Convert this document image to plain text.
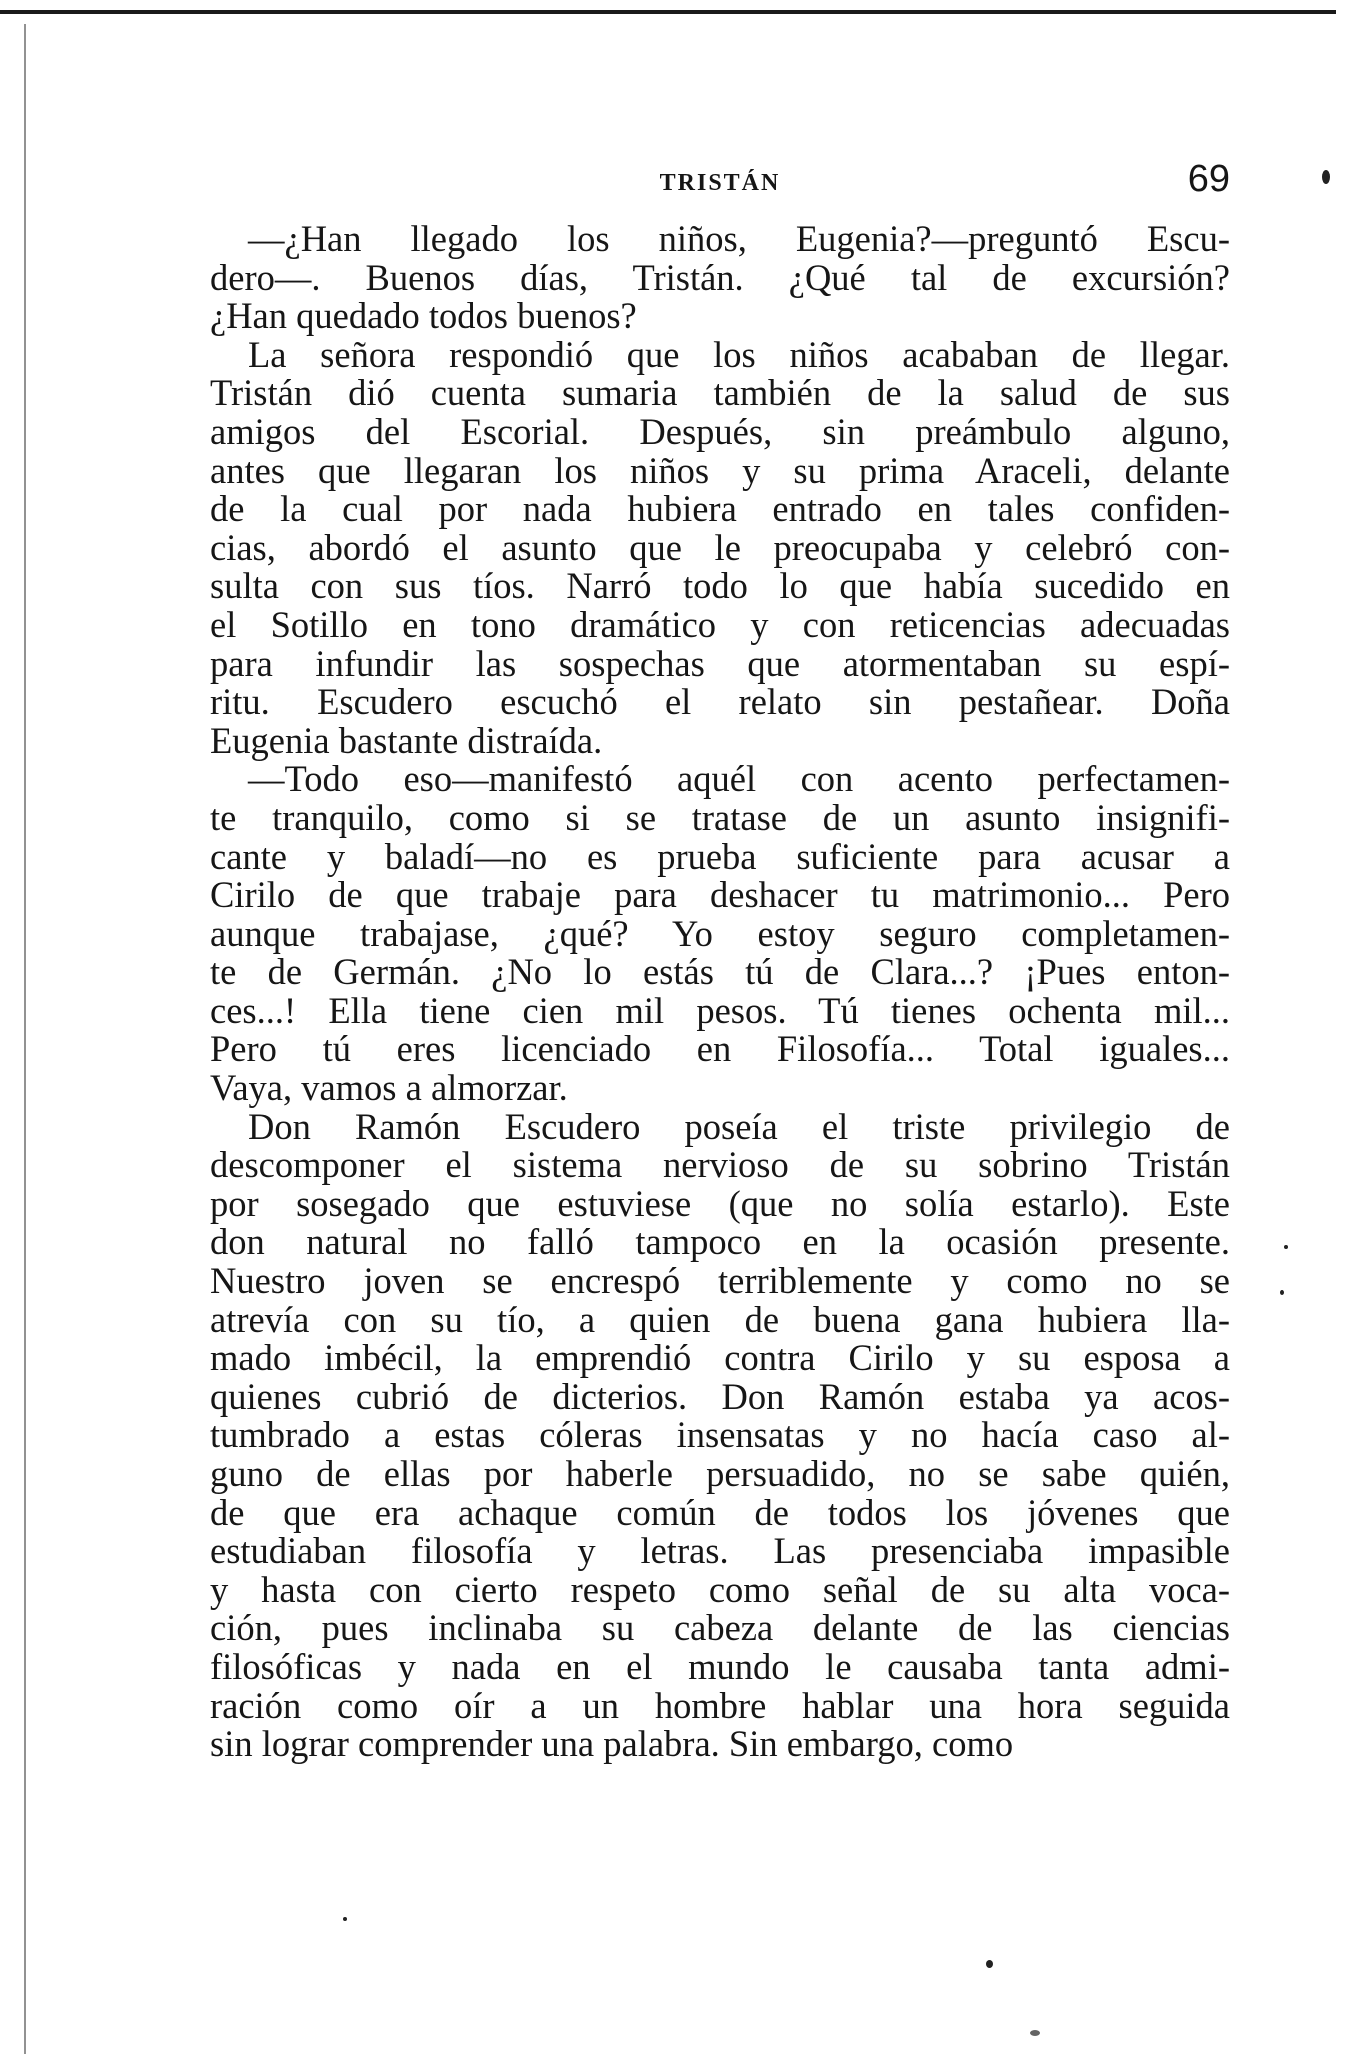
TRISTÁN	69
—¿Han llegado los niños, Eugenia?—preguntó Escu-
dero—. Buenos días, Tristán. ¿Qué tal de excursión?
¿Han quedado todos buenos?
La señora respondió que los niños acababan de llegar.
Tristán dió cuenta sumaria también de la salud de sus
amigos del Escorial. Después, sin preámbulo alguno,
antes que llegaran los niños y su prima Araceli, delante
de la cual por nada hubiera entrado en tales confiden-
cias, abordó el asunto que le preocupaba y celebró con-
sulta con sus tíos. Narró todo lo que había sucedido en
el Sotillo en tono dramático y con reticencias adecuadas
para infundir las sospechas que atormentaban su espí-
ritu. Escudero escuchó el relato sin pestañear. Doña
Eugenia bastante distraída.
—Todo eso—manifestó aquél con acento perfectamen-
te tranquilo, como si se tratase de un asunto insignifi-
cante y baladí—no es prueba suficiente para acusar a
Cirilo de que trabaje para deshacer tu matrimonio... Pero
aunque trabajase, ¿qué? Yo estoy seguro completamen-
te de Germán. ¿No lo estás tú de Clara...? ¡Pues enton-
ces...! Ella tiene cien mil pesos. Tú tienes ochenta mil...
Pero tú eres licenciado en Filosofía... Total iguales...
Vaya, vamos a almorzar.
Don Ramón Escudero poseía el triste privilegio de
descomponer el sistema nervioso de su sobrino Tristán
por sosegado que estuviese (que no solía estarlo). Este
don natural no falló tampoco en la ocasión presente.
Nuestro joven se encrespó terriblemente y como no se
atrevía con su tío, a quien de buena gana hubiera lla-
mado imbécil, la emprendió contra Cirilo y su esposa a
quienes cubrió de dicterios. Don Ramón estaba ya acos-
tumbrado a estas cóleras insensatas y no hacía caso al-
guno de ellas por haberle persuadido, no se sabe quién,
de que era achaque común de todos los jóvenes que
estudiaban filosofía y letras. Las presenciaba impasible
y hasta con cierto respeto como señal de su alta voca-
ción, pues inclinaba su cabeza delante de las ciencias
filosóficas y nada en el mundo le causaba tanta admi-
ración como oír a un hombre hablar una hora seguida
sin lograr comprender una palabra. Sin embargo, como
